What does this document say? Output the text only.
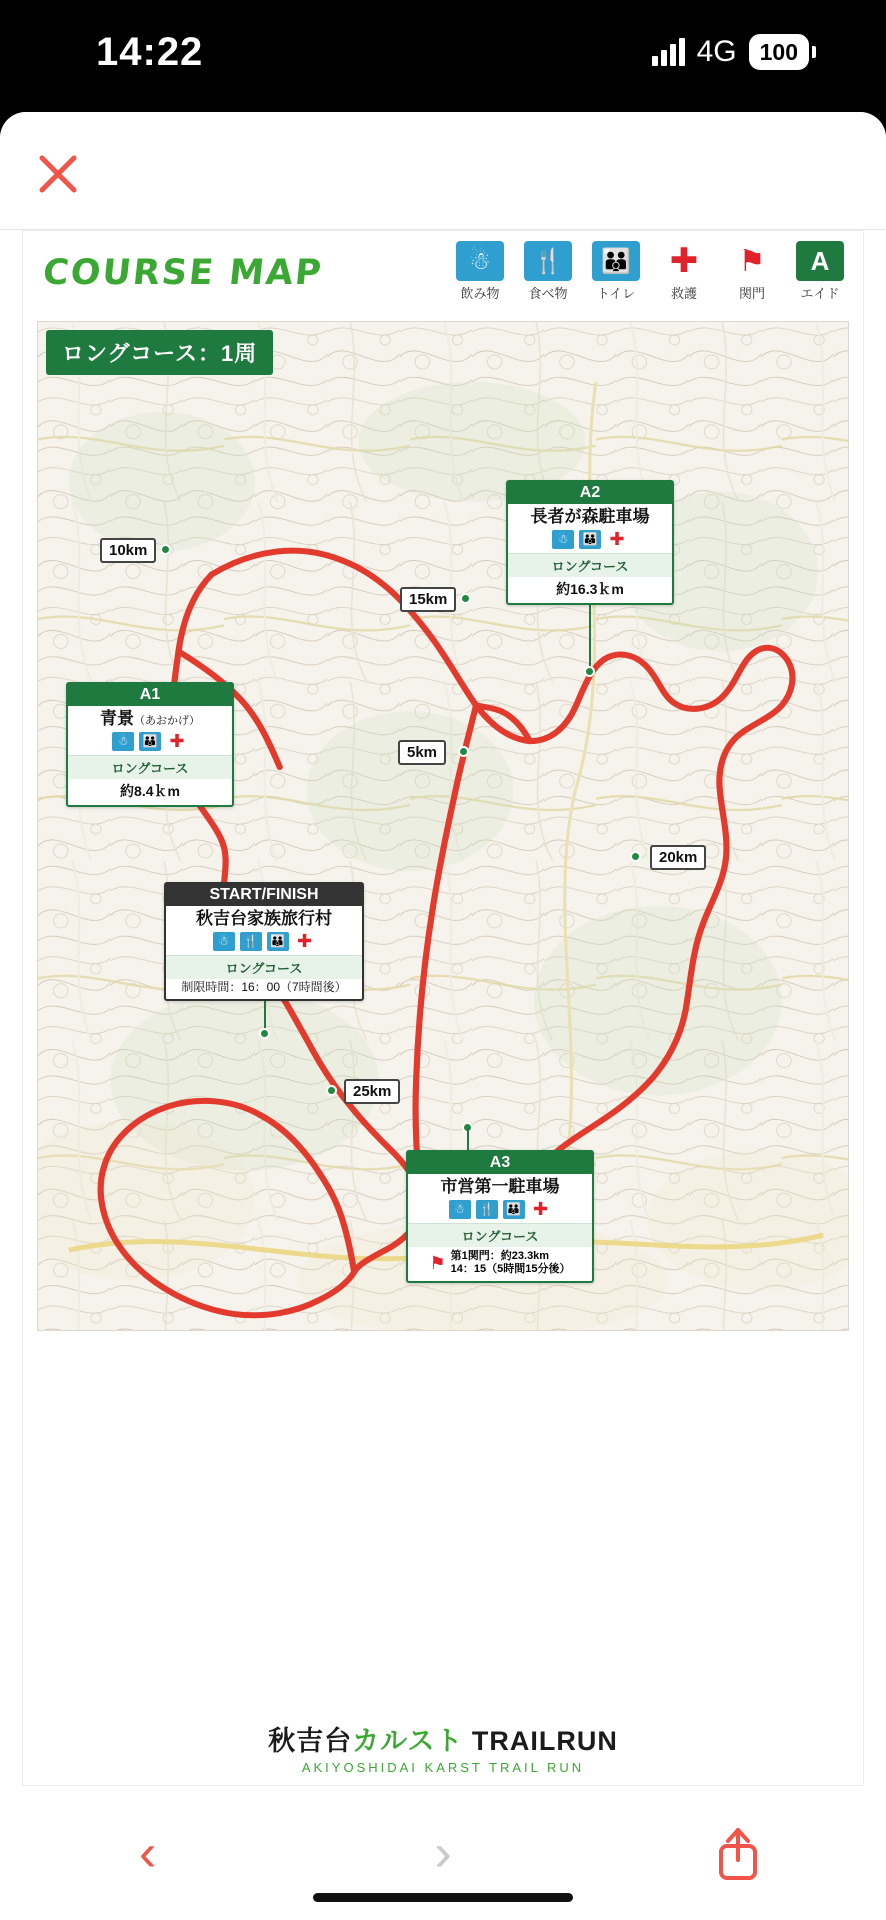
14:22	4G	100
COURSE MAP	☃
飲み物
🍴
食べ物
👪
トイレ
✚
救護
⚑
関門
A
エイド
ロングコース：1周
10km
15km
5km
20km
25km
A2
長者が森駐車場
☃	👪 ✚
ロングコース
約16.3ｋm
A1
青景（あおかげ）
☃	👪 ✚
ロングコース
約8.4ｋm
START/FINISH
秋吉台家族旅行村
☃	🍴 👪 ✚
ロングコース
制限時間：16：00（7時間後）
A3
市営第一駐車場
☃	🍴 👪 ✚
ロングコース
⚑ 第1関門：約23.3km
14：15（5時間15分後）
秋吉台カルスト TRAILRUN
AKIYOSHIDAI KARST TRAIL RUN
‹	›
